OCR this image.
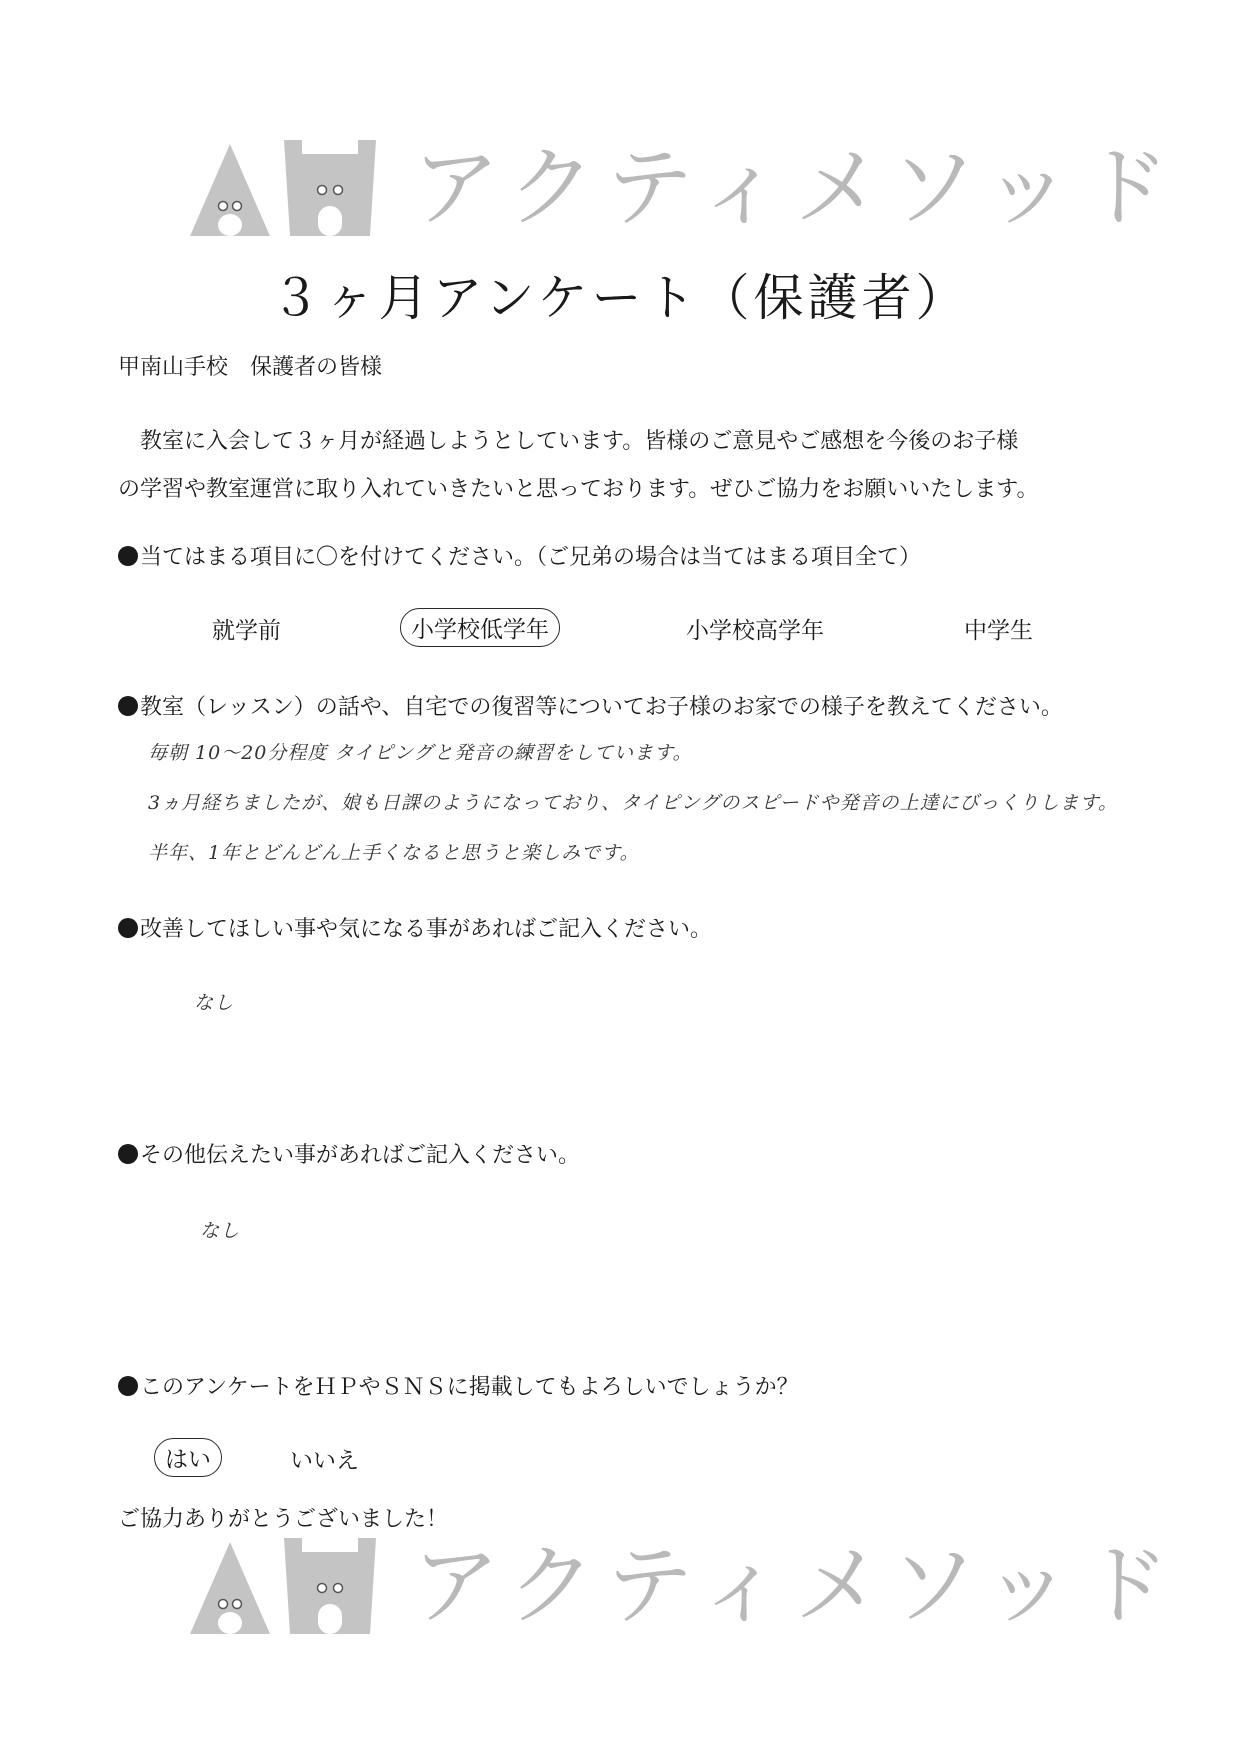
アクティメソッド
３ヶ月アンケート（保護者）
甲南山手校　保護者の皆様

　教室に入会して３ヶ月が経過しようとしています。皆様のご意見やご感想を今後のお子様

の学習や教室運営に取り入れていきたいと思っております。ぜひご協力をお願いいたします。

当てはまる項目に〇を付けてください。（ご兄弟の場合は当てはまる項目全て）
就学前	小学校低学年	小学校高学年	中学生
教室（レッスン）の話や、自宅での復習等についてお子様のお家での様子を教えてください。
毎朝 10～20分程度 タイピングと発音の練習をしています。
3ヵ月経ちましたが、娘も日課のようになっており、タイピングのスピードや発音の上達にびっくりします。
半年、1年とどんどん上手くなると思うと楽しみです。
改善してほしい事や気になる事があればご記入ください。
なし
その他伝えたい事があればご記入ください。
なし
このアンケートをＨＰやＳＮＳに掲載してもよろしいでしょうか？
はい	いいえ
ご協力ありがとうございました！
アクティメソッド
